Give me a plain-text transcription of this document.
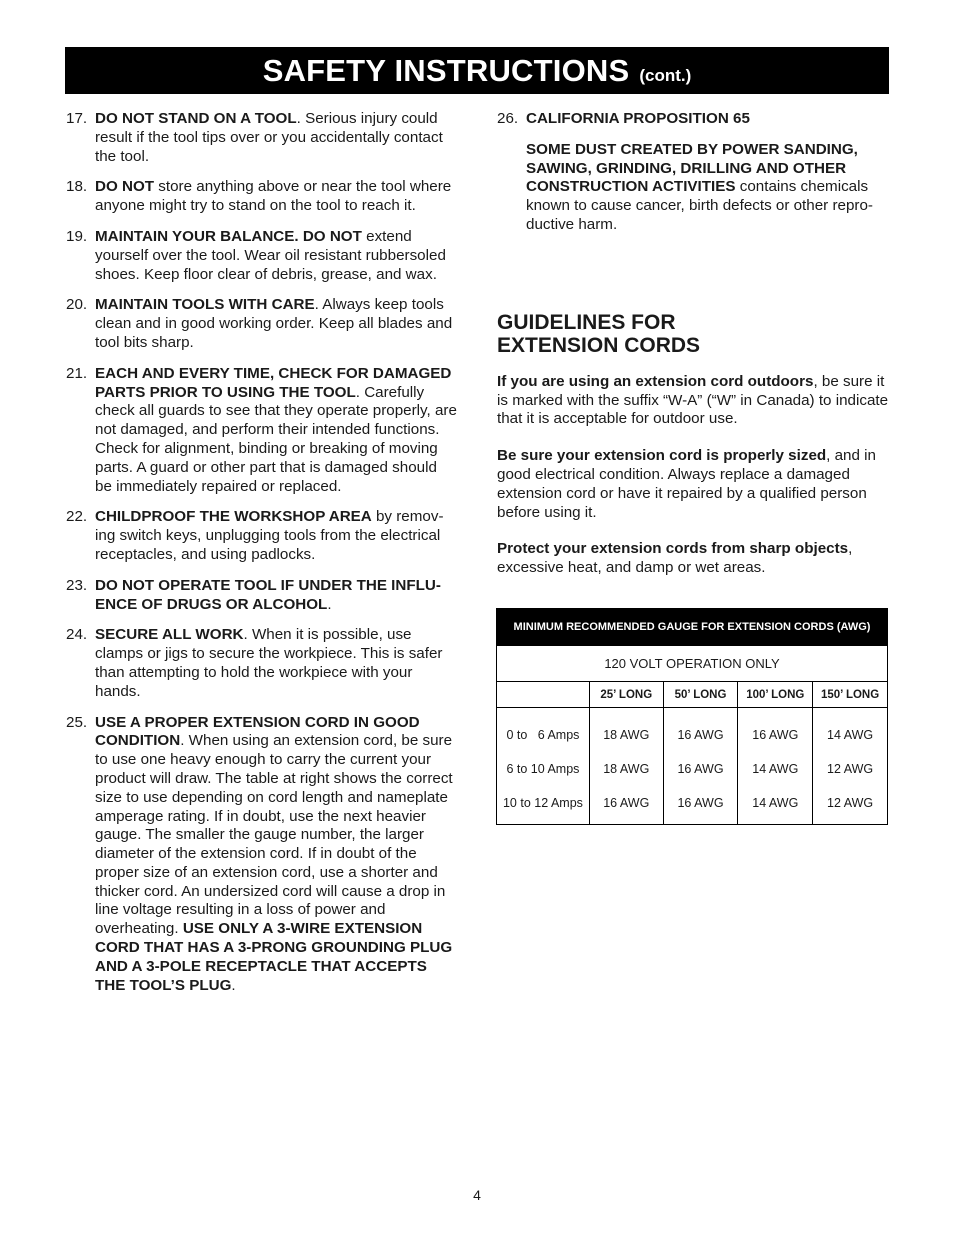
SAFETY INSTRUCTIONS (cont.)
17. DO NOT STAND ON A TOOL. Serious injury could result if the tool tips over or you accidentally contact the tool.
18. DO NOT store anything above or near the tool where anyone might try to stand on the tool to reach it.
19. MAINTAIN YOUR BALANCE. DO NOT extend yourself over the tool. Wear oil resistant rubbersoled shoes. Keep floor clear of debris, grease, and wax.
20. MAINTAIN TOOLS WITH CARE. Always keep tools clean and in good working order. Keep all blades and tool bits sharp.
21. EACH AND EVERY TIME, CHECK FOR DAMAGED PARTS PRIOR TO USING THE TOOL. Carefully check all guards to see that they operate properly, are not damaged, and perform their intended functions. Check for alignment, binding or breaking of moving parts. A guard or other part that is damaged should be immediately repaired or replaced.
22. CHILDPROOF THE WORKSHOP AREA by removing switch keys, unplugging tools from the electrical receptacles, and using padlocks.
23. DO NOT OPERATE TOOL IF UNDER THE INFLUENCE OF DRUGS OR ALCOHOL.
24. SECURE ALL WORK. When it is possible, use clamps or jigs to secure the workpiece. This is safer than attempting to hold the workpiece with your hands.
25. USE A PROPER EXTENSION CORD IN GOOD CONDITION. When using an extension cord, be sure to use one heavy enough to carry the current your product will draw. The table at right shows the correct size to use depending on cord length and nameplate amperage rating. If in doubt, use the next heavier gauge. The smaller the gauge number, the larger diameter of the extension cord. If in doubt of the proper size of an extension cord, use a shorter and thicker cord. An undersized cord will cause a drop in line voltage resulting in a loss of power and overheating. USE ONLY A 3-WIRE EXTENSION CORD THAT HAS A 3-PRONG GROUNDING PLUG AND A 3-POLE RECEPTACLE THAT ACCEPTS THE TOOL’S PLUG.
26. CALIFORNIA PROPOSITION 65
SOME DUST CREATED BY POWER SANDING, SAWING, GRINDING, DRILLING AND OTHER CONSTRUCTION ACTIVITIES contains chemicals known to cause cancer, birth defects or other reproductive harm.
GUIDELINES FOR
EXTENSION CORDS

If you are using an extension cord outdoors, be sure it is marked with the suffix “W-A” (“W” in Canada) to indicate that it is acceptable for outdoor use.

Be sure your extension cord is properly sized, and in good electrical condition. Always replace a damaged extension cord or have it repaired by a qualified person before using it.

Protect your extension cords from sharp objects, excessive heat, and damp or wet areas.

MINIMUM RECOMMENDED GAUGE FOR EXTENSION CORDS (AWG)				
120 VOLT OPERATION ONLY				
	25’ LONG	50’ LONG	100’ LONG	150’ LONG
0 to   6 Amps	18 AWG	16 AWG	16 AWG	14 AWG
6 to 10 Amps	18 AWG	16 AWG	14 AWG	12 AWG
10 to 12 Amps	16 AWG	16 AWG	14 AWG	12 AWG
4
